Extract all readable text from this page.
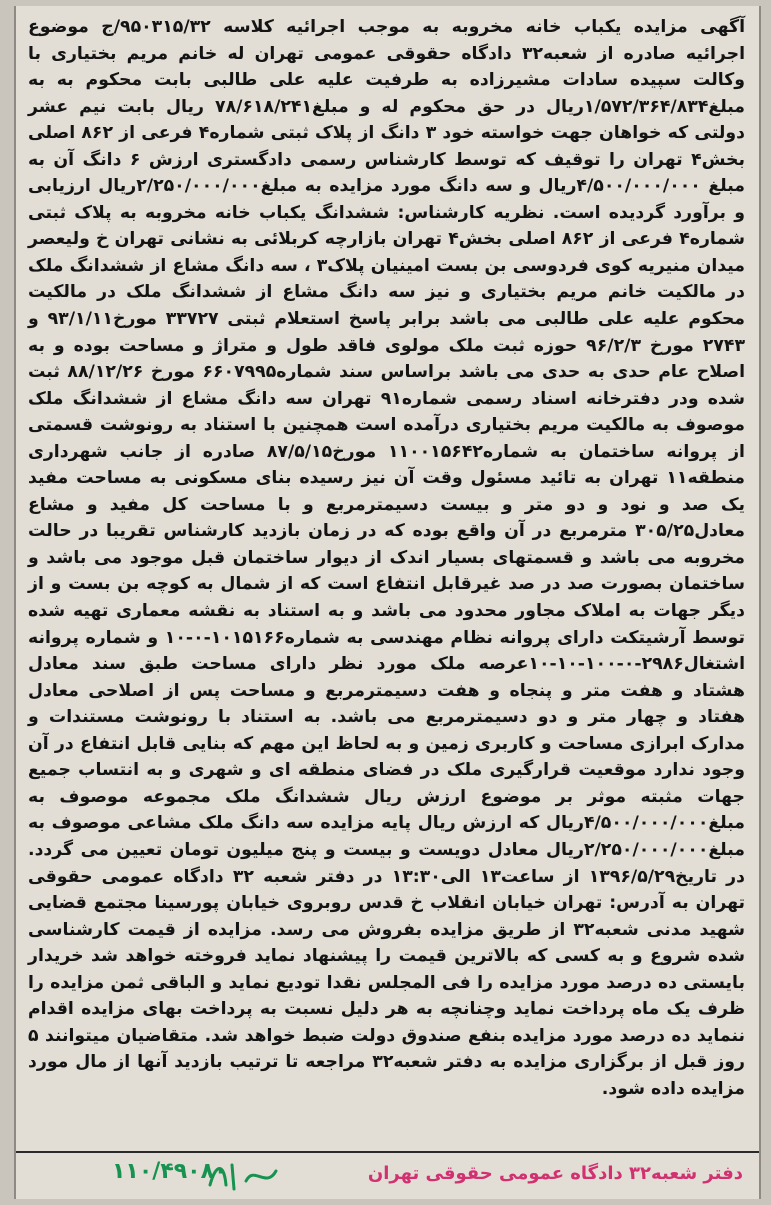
آگهی مزایده یکباب خانه مخروبه به موجب اجرائیه کلاسه ۹۵۰۳۱۵/۳۲/ج موضوع اجرائیه صادره از شعبه۳۲ دادگاه حقوقی عمومی تهران له خانم مریم بختیاری با وکالت سپیده سادات مشیرزاده به طرفیت علیه علی طالبی بابت محکوم به به مبلغ۱/۵۷۲/۳۶۴/۸۳۴ریال در حق محکوم له و مبلغ۷۸/۶۱۸/۲۴۱ ریال بابت نیم عشر دولتی که خواهان جهت خواسته خود ۳ دانگ از پلاک ثبتی شماره۴ فرعی از ۸۶۲ اصلی بخش۴ تهران را توقیف که توسط کارشناس رسمی دادگستری ارزش ۶ دانگ آن به مبلغ ۴/۵۰۰/۰۰۰/۰۰۰ریال و سه دانگ مورد مزایده به مبلغ۲/۲۵۰/۰۰۰/۰۰۰ریال ارزیابی و برآورد گردیده است. نظریه کارشناس: ششدانگ یکباب خانه مخروبه به پلاک ثبتی شماره۴ فرعی از ۸۶۲ اصلی بخش۴ تهران بازارچه کربلائی به نشانی تهران خ ولیعصر میدان منیریه کوی فردوسی بن بست امینیان پلاک۳ ، سه دانگ مشاع از ششدانگ ملک در مالکیت خانم مریم بختیاری و نیز سه دانگ مشاع از ششدانگ ملک در مالکیت محکوم علیه علی طالبی می باشد برابر پاسخ استعلام ثبتی ۳۳۷۲۷ مورخ۹۳/۱/۱۱ و ۲۷۴۳ مورخ ۹۶/۲/۳ حوزه ثبت ملک مولوی فاقد طول و متراژ و مساحت بوده و به اصلاح عام حدی به حدی می باشد براساس سند شماره۶۶۰۷۹۹۵ مورخ ۸۸/۱۲/۲۶ ثبت شده ودر دفترخانه اسناد رسمی شماره۹۱ تهران سه دانگ مشاع از ششدانگ ملک موصوف به مالکیت مریم بختیاری درآمده است همچنین با استناد به رونوشت قسمتی از پروانه ساختمان به شماره۱۱۰۰۱۵۶۴۲ مورخ۸۷/۵/۱۵ صادره از جانب شهرداری منطقه۱۱ تهران به تائید مسئول وقت آن نیز رسیده بنای مسکونی به مساحت مفید یک صد و نود و دو متر و بیست دسیمترمربع و با مساحت کل مفید و مشاع معادل۳۰۵/۲۵ مترمربع در آن واقع بوده که در زمان بازدید کارشناس تقریبا در حالت مخروبه می باشد و قسمتهای بسیار اندک از دیوار ساختمان قبل موجود می باشد و ساختمان بصورت صد در صد غیرقابل انتفاع است که از شمال به کوچه بن بست و از دیگر جهات به املاک مجاور محدود می باشد و به استناد به نقشه معماری تهیه شده توسط آرشیتکت دارای پروانه نظام مهندسی به شماره۱۰۱۵۱۶۶-۰-۱۰ و شماره پروانه اشتغال۲۹۸۶-۰-۱۰۰-۱۰-۱۰عرصه ملک مورد نظر دارای مساحت طبق سند معادل هشتاد و هفت متر و پنجاه و هفت دسیمترمربع و مساحت پس از اصلاحی معادل هفتاد و چهار متر و دو دسیمترمربع می باشد. به استناد با رونوشت مستندات و مدارک ابرازی مساحت و کاربری زمین و به لحاظ این مهم که بنایی قابل انتفاع در آن وجود ندارد موقعیت قرارگیری ملک در فضای منطقه ای و شهری و به انتساب جمیع جهات مثبته موثر بر موضوع ارزش ریال ششدانگ ملک مجموعه موصوف به مبلغ۴/۵۰۰/۰۰۰/۰۰۰ریال که ارزش ریال پایه مزایده سه دانگ ملک مشاعی موصوف به مبلغ۲/۲۵۰/۰۰۰/۰۰۰ریال معادل دویست و بیست و پنج میلیون تومان تعیین می گردد. در تاریخ۱۳۹۶/۵/۲۹ از ساعت۱۳ الی۱۳:۳۰ در دفتر شعبه ۳۲ دادگاه عمومی حقوقی تهران به آدرس: تهران خیابان انقلاب خ قدس روبروی خیابان پورسینا مجتمع قضایی شهید مدنی شعبه۳۲ از طریق مزایده بفروش می رسد. مزایده از قیمت کارشناسی شده شروع و به کسی که بالاترین قیمت را پیشنهاد نماید فروخته خواهد شد خریدار بایستی ده درصد مورد مزایده را فی المجلس نقدا تودیع نماید و الباقی ثمن مزایده را ظرف یک ماه پرداخت نماید وچنانچه به هر دلیل نسبت به پرداخت بهای مزایده اقدام ننماید ده درصد مورد مزایده بنفع صندوق دولت ضبط خواهد شد. متقاضیان میتوانند ۵ روز قبل از برگزاری مزایده به دفتر شعبه۳۲ مراجعه تا ترتیب بازدید آنها از مال مورد مزایده داده شود.

دفتر شعبه۳۲ دادگاه عمومی حقوقی تهران
۱۱۰/۴۹۰۸۰
